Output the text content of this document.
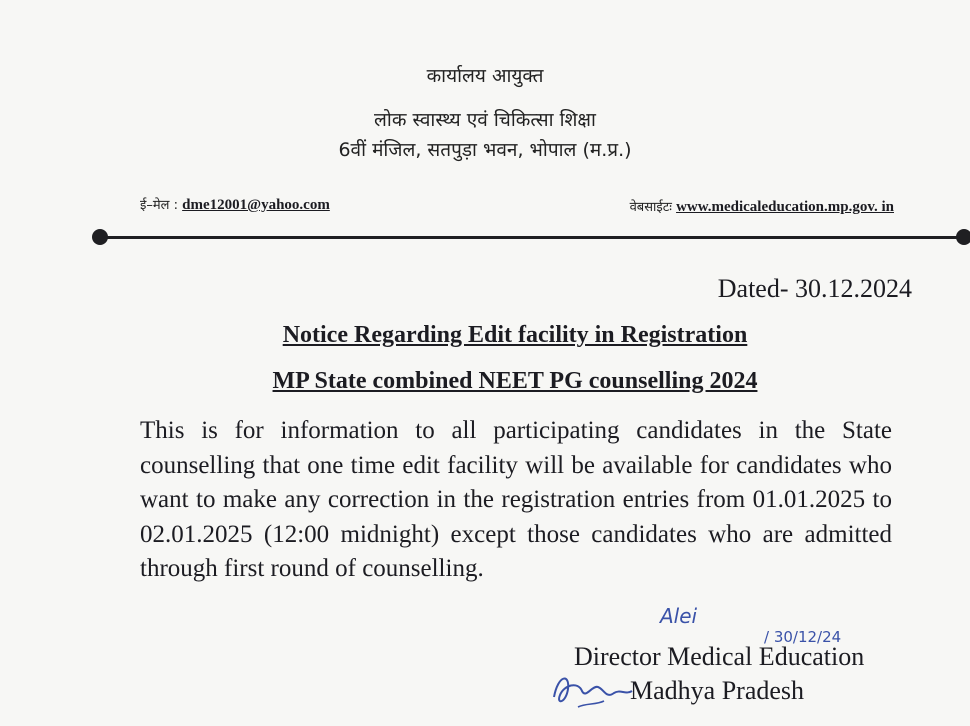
कार्यालय आयुक्त
लोक स्वास्थ्य एवं चिकित्सा शिक्षा
6वीं मंजिल, सतपुड़ा भवन, भोपाल (म.प्र.)
ई–मेल : dme12001@yahoo.com	वेबसाईटः www.medicaleducation.mp.gov. in
Dated- 30.12.2024
Notice Regarding Edit facility in Registration
MP State combined NEET PG counselling 2024
This is for information to all participating candidates in the State counselling that one time edit facility will be available for candidates who want to make any correction in the registration entries from 01.01.2025 to 02.01.2025 (12:00 midnight) except those candidates who are admitted through first round of counselling.
Alei
/ 30/12/24
Director Medical Education
Madhya Pradesh
